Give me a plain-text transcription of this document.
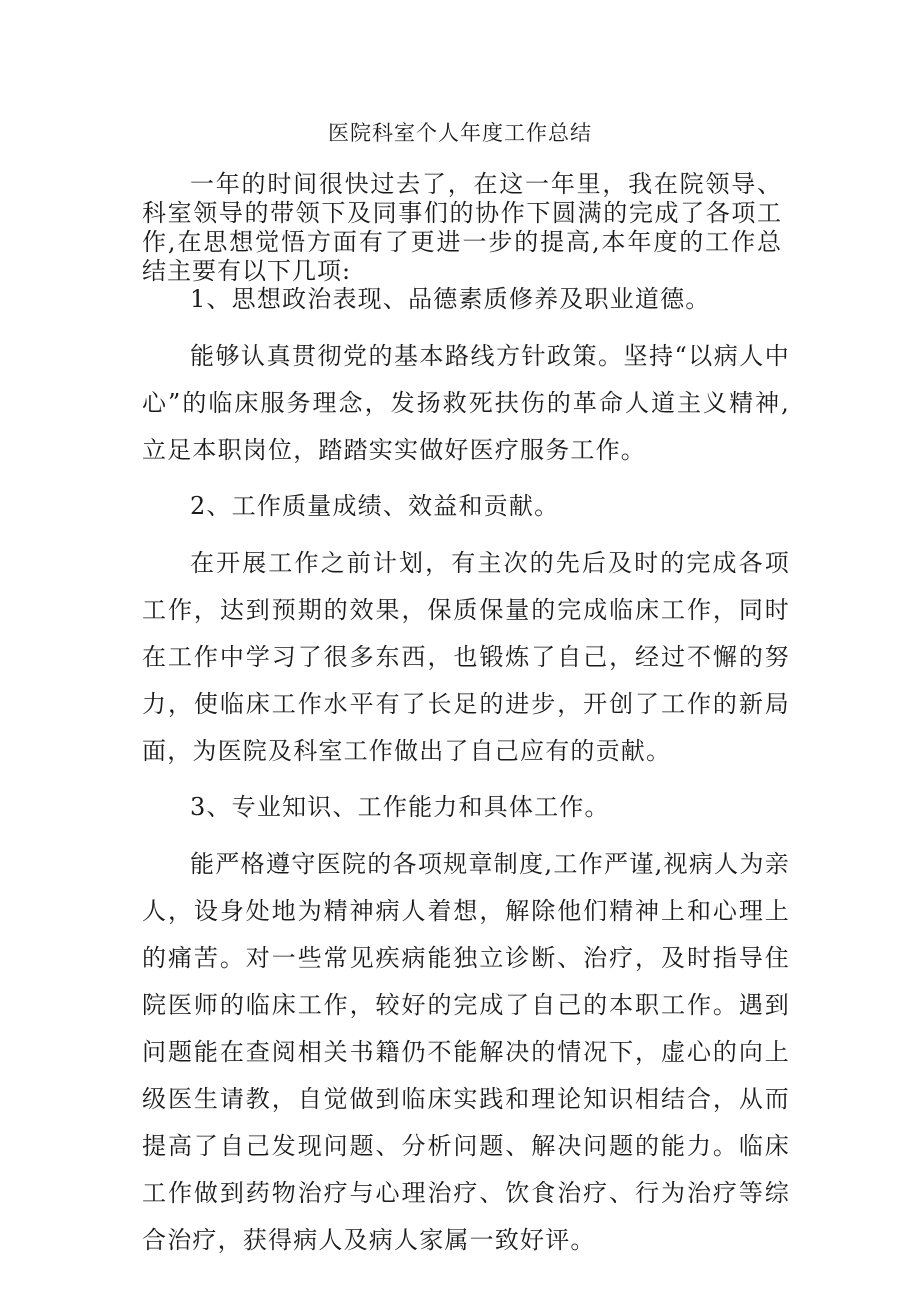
医院科室个人年度工作总结

一年的时间很快过去了，在这一年里，我在院领导、科室领导的带领下及同事们的协作下圆满的完成了各项工作,在思想觉悟方面有了更进一步的提高,本年度的工作总结主要有以下几项:

1、思想政治表现、品德素质修养及职业道德。

能够认真贯彻党的基本路线方针政策。坚持“以病人中心”的临床服务理念，发扬救死扶伤的革命人道主义精神,立足本职岗位，踏踏实实做好医疗服务工作。

2、工作质量成绩、效益和贡献。

在开展工作之前计划，有主次的先后及时的完成各项工作，达到预期的效果，保质保量的完成临床工作，同时在工作中学习了很多东西，也锻炼了自己，经过不懈的努力，使临床工作水平有了长足的进步，开创了工作的新局面，为医院及科室工作做出了自己应有的贡献。

3、专业知识、工作能力和具体工作。

能严格遵守医院的各项规章制度,工作严谨,视病人为亲人，设身处地为精神病人着想，解除他们精神上和心理上的痛苦。对一些常见疾病能独立诊断、治疗，及时指导住院医师的临床工作，较好的完成了自己的本职工作。遇到问题能在查阅相关书籍仍不能解决的情况下，虚心的向上级医生请教，自觉做到临床实践和理论知识相结合，从而提高了自己发现问题、分析问题、解决问题的能力。临床工作做到药物治疗与心理治疗、饮食治疗、行为治疗等综合治疗，获得病人及病人家属一致好评。
